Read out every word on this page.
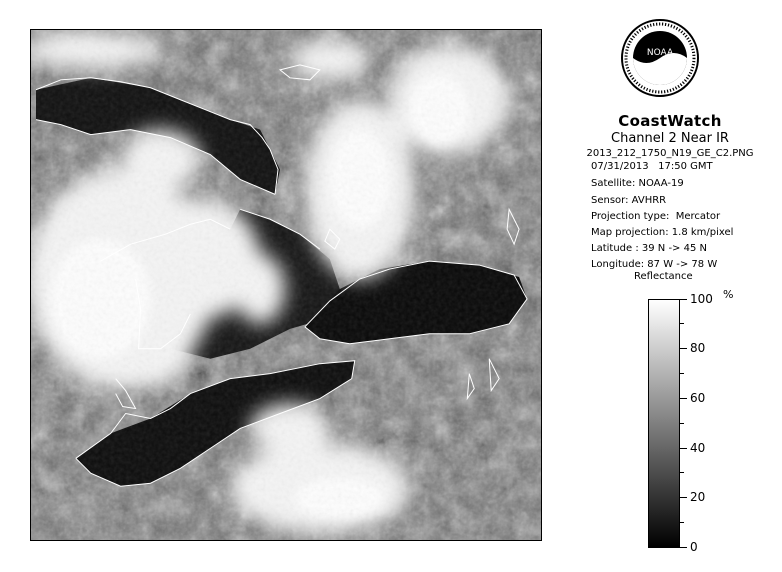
NOAA
CoastWatch
Channel 2 Near IR
2013_212_1750_N19_GE_C2.PNG
07/31/2013   17:50 GMT
Satellite: NOAA-19
Sensor: AVHRR
Projection type:  Mercator
Map projection: 1.8 km/pixel
Latitude : 39 N -> 45 N
Longitude: 87 W -> 78 W
Reflectance
%
100
80
60
40
20
0
